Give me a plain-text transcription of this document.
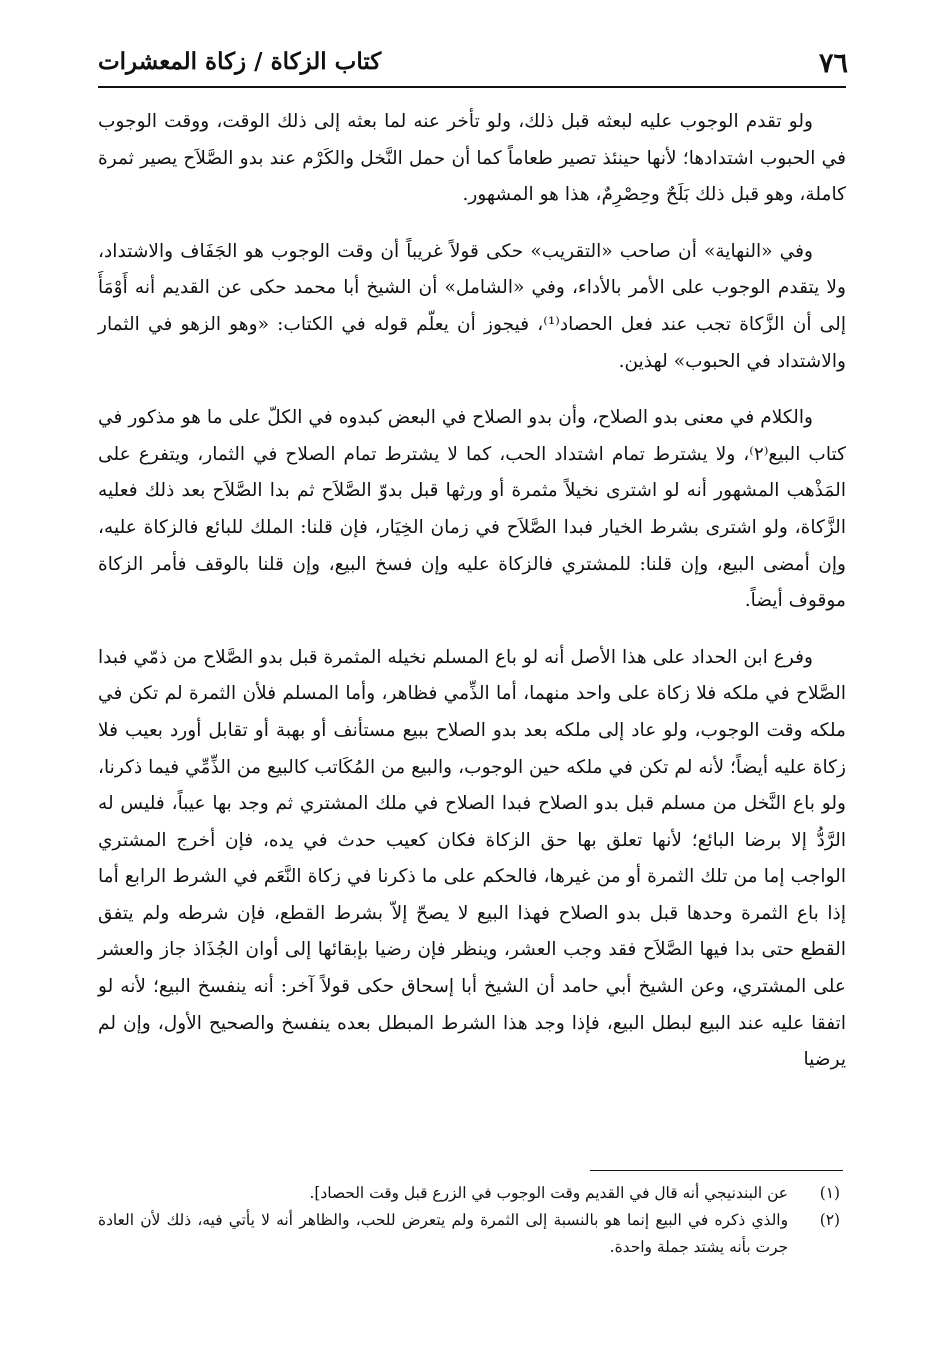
٧٦
كتاب الزكاة / زكاة المعشرات

ولو تقدم الوجوب عليه لبعثه قبل ذلك، ولو تأخر عنه لما بعثه إلى ذلك الوقت، ووقت الوجوب في الحبوب اشتدادها؛ لأنها حينئذ تصير طعاماً كما أن حمل النَّخل والكَرْم عند بدو الصَّلاَح يصير ثمرة كاملة، وهو قبل ذلك بَلَحٌ وحِصْرِمٌ، هذا هو المشهور.

وفي «النهاية» أن صاحب «التقريب» حكى قولاً غريباً أن وقت الوجوب هو الجَفَاف والاشتداد، ولا يتقدم الوجوب على الأمر بالأداء، وفي «الشامل» أن الشيخ أبا محمد حكى عن القديم أنه أَوْمَأَ إلى أن الزَّكاة تجب عند فعل الحصاد⁽¹⁾، فيجوز أن يعلّم قوله في الكتاب: «وهو الزهو في الثمار والاشتداد في الحبوب» لهذين.

والكلام في معنى بدو الصلاح، وأن بدو الصلاح في البعض كبدوه في الكلّ على ما هو مذكور في كتاب البيع⁽٢⁾، ولا يشترط تمام اشتداد الحب، كما لا يشترط تمام الصلاح في الثمار، ويتفرع على المَذْهب المشهور أنه لو اشترى نخيلاً مثمرة أو ورثها قبل بدوّ الصَّلاَح ثم بدا الصَّلاَح بعد ذلك فعليه الزَّكاة، ولو اشترى بشرط الخيار فبدا الصَّلاَح في زمان الخِيَار، فإن قلنا: الملك للبائع فالزكاة عليه، وإن أمضى البيع، وإن قلنا: للمشتري فالزكاة عليه وإن فسخ البيع، وإن قلنا بالوقف فأمر الزكاة موقوف أيضاً.

وفرع ابن الحداد على هذا الأصل أنه لو باع المسلم نخيله المثمرة قبل بدو الصَّلاح من ذمّي فبدا الصَّلاح في ملكه فلا زكاة على واحد منهما، أما الذِّمي فظاهر، وأما المسلم فلأن الثمرة لم تكن في ملكه وقت الوجوب، ولو عاد إلى ملكه بعد بدو الصلاح ببيع مستأنف أو بهبة أو تقابل أورد بعيب فلا زكاة عليه أيضاً؛ لأنه لم تكن في ملكه حين الوجوب، والبيع من المُكَاتب كالبيع من الذِّمِّي فيما ذكرنا، ولو باع النَّخل من مسلم قبل بدو الصلاح فبدا الصلاح في ملك المشتري ثم وجد بها عيباً، فليس له الرَّدُّ إلا برضا البائع؛ لأنها تعلق بها حق الزكاة فكان كعيب حدث في يده، فإن أخرج المشتري الواجب إما من تلك الثمرة أو من غيرها، فالحكم على ما ذكرنا في زكاة النَّعَم في الشرط الرابع أما إذا باع الثمرة وحدها قبل بدو الصلاح فهذا البيع لا يصحّ إلاّ بشرط القطع، فإن شرطه ولم يتفق القطع حتى بدا فيها الصَّلاَح فقد وجب العشر، وينظر فإن رضيا بإبقائها إلى أوان الجُذَاذ جاز والعشر على المشتري، وعن الشيخ أبي حامد أن الشيخ أبا إسحاق حكى قولاً آخر: أنه ينفسخ البيع؛ لأنه لو اتفقا عليه عند البيع لبطل البيع، فإذا وجد هذا الشرط المبطل بعده ينفسخ والصحيح الأول، وإن لم يرضيا

(١)
عن البندنيجي أنه قال في القديم وقت الوجوب في الزرع قبل وقت الحصاد].
(٢)
والذي ذكره في البيع إنما هو بالنسبة إلى الثمرة ولم يتعرض للحب، والظاهر أنه لا يأتي فيه، ذلك لأن العادة جرت بأنه يشتد جملة واحدة.
